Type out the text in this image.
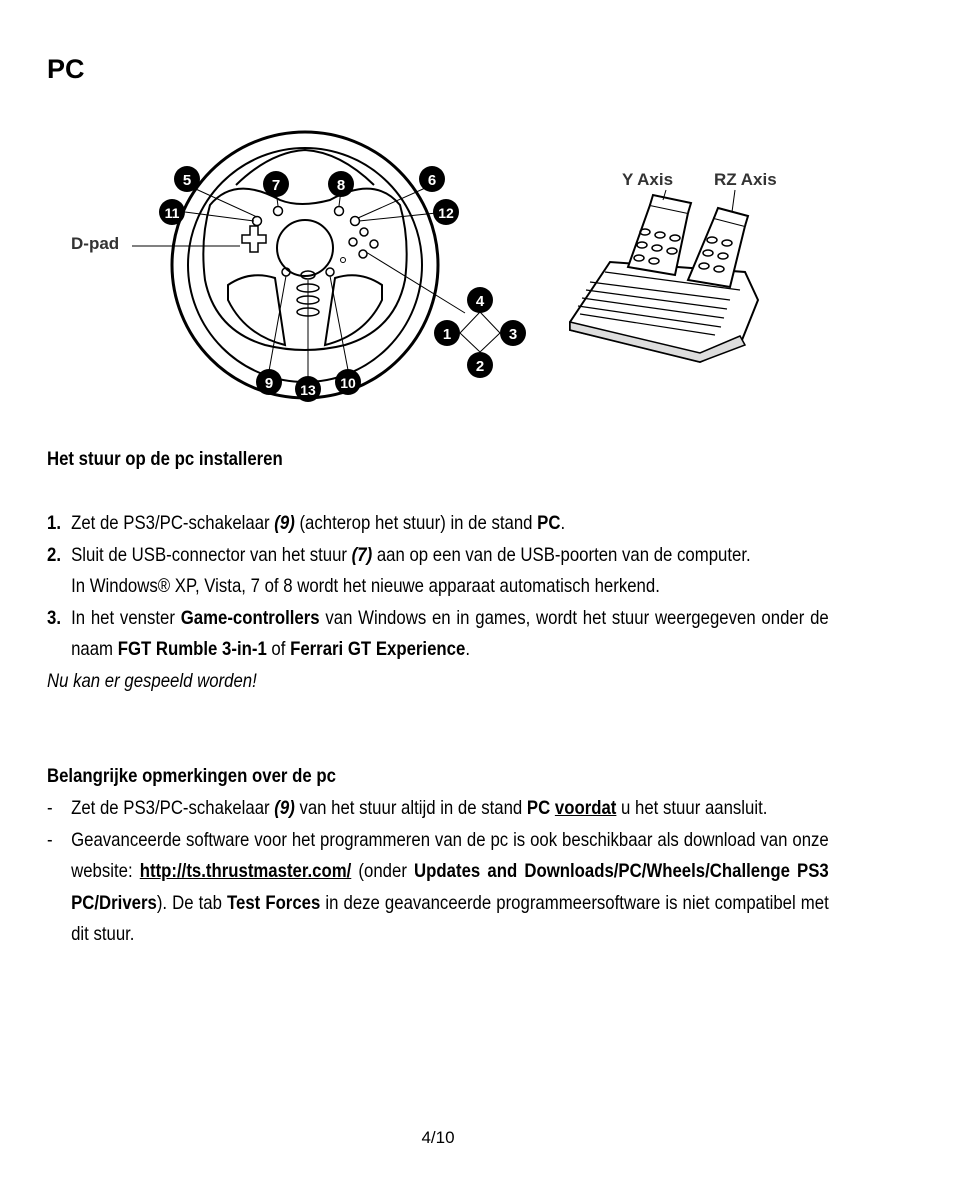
PC
5	7	8	6
11	12
4
1	3
2
9 13 10
D-pad
Y Axis RZ Axis
Het stuur op de pc installeren
1. Zet de PS3/PC-schakelaar (9) (achterop het stuur) in de stand PC.
2. Sluit de USB-connector van het stuur (7) aan op een van de USB-poorten van de computer.
In Windows® XP, Vista, 7 of 8 wordt het nieuwe apparaat automatisch herkend.
3. In het venster Game-controllers van Windows en in games, wordt het stuur weergegeven onder de naam FGT Rumble 3-in-1 of Ferrari GT Experience.
Nu kan er gespeeld worden!
Belangrijke opmerkingen over de pc
- Zet de PS3/PC-schakelaar (9) van het stuur altijd in de stand PC voordat u het stuur aansluit.
- Geavanceerde software voor het programmeren van de pc is ook beschikbaar als download van onze website: http://ts.thrustmaster.com/ (onder Updates and Downloads/PC/Wheels/Challenge PS3 PC/Drivers). De tab Test Forces in deze geavanceerde programmeersoftware is niet compatibel met dit stuur.
4/10
